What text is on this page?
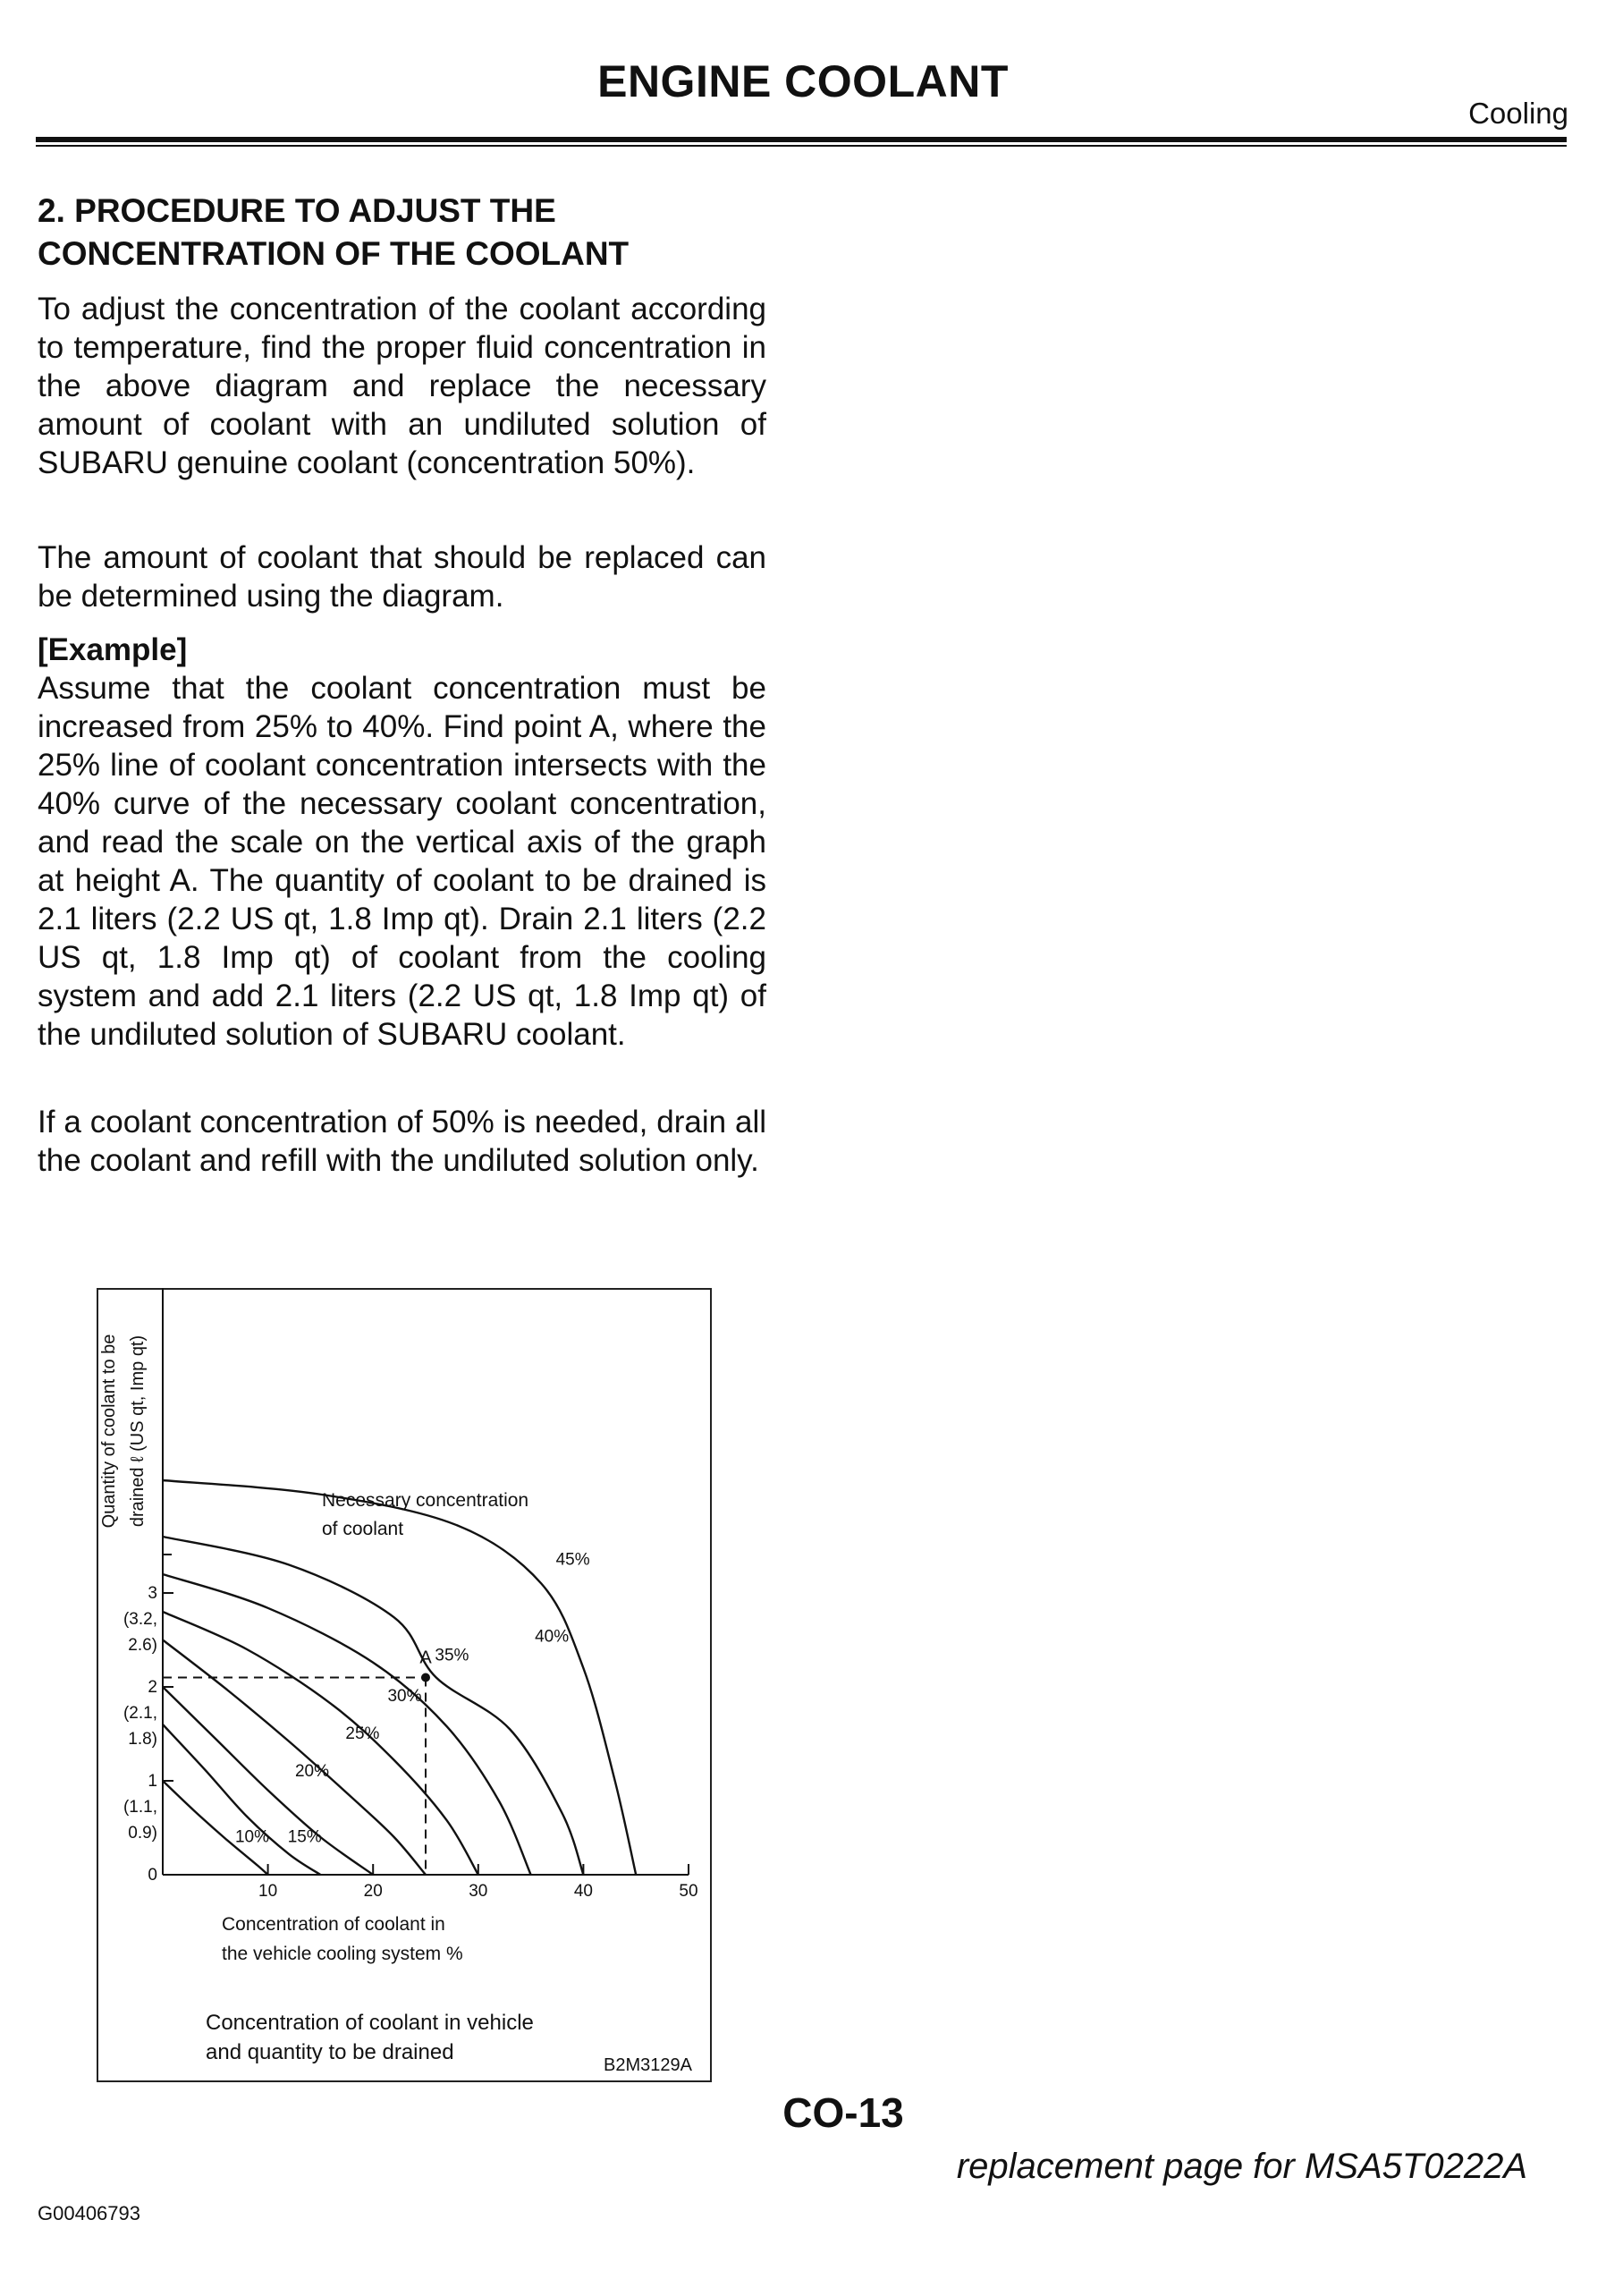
ENGINE COOLANT
Cooling
2. PROCEDURE TO ADJUST THE
CONCENTRATION OF THE COOLANT
To adjust the concentration of the coolant according to temperature, find the proper fluid concentration in the above diagram and replace the necessary amount of coolant with an undiluted solution of SUBARU genuine coolant (concentration 50%).
The amount of coolant that should be replaced can be determined using the diagram.
[Example]
Assume that the coolant concentration must be increased from 25% to 40%. Find point A, where the 25% line of coolant concentration intersects with the 40% curve of the necessary coolant concentration, and read the scale on the vertical axis of the graph at height A. The quantity of coolant to be drained is 2.1 liters (2.2 US qt, 1.8 Imp qt). Drain 2.1 liters (2.2 US qt, 1.8 Imp qt) of coolant from the cooling system and add 2.1 liters (2.2 US qt, 1.8 Imp qt) of the undiluted solution of SUBARU coolant.
If a coolant concentration of 50% is needed, drain all the coolant and refill with the undiluted solution only.
10	20	30	40	50
0
1
(1.1,
0.9)
2
(2.1,
1.8)
3
(3.2,
2.6)
Quantity of coolant to be drained ℓ (US qt, Imp qt)
Concentration of coolant in
the vehicle cooling system %
Necessary concentration
of coolant
10% 15%
20%
25%
30%
35%
40%
45%
A
Concentration of coolant in vehicle
and quantity to be drained
B2M3129A
CO-13
replacement page for MSA5T0222A
G00406793
